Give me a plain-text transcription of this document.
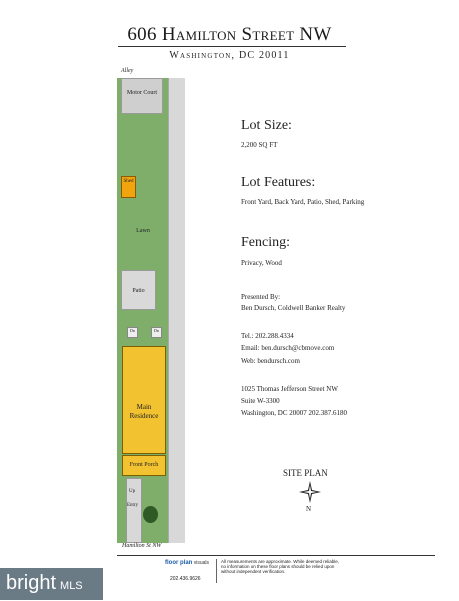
606 Hamilton Street NW
Washington, DC 20011
Alley
Motor Court
Shed
Lawn
Patio
Dn	Dn
Main Residence
Front Porch
Up
Entry
Hamilton St NW
Lot Size:
2,200 SQ FT
Lot Features:
Front Yard, Back Yard, Patio, Shed, Parking
Fencing:
Privacy, Wood
Presented By:
Ben Dursch, Coldwell Banker Realty
Tel.: 202.288.4334
Email: ben.dursch@cbmove.com
Web: bendursch.com
1025 Thomas Jefferson Street NW
Suite W-3300
Washington, DC 20007 202.387.6180
SITE PLAN
N
floor plan visuals
202.436.9626
All measurements are approximate. While deemed reliable, no information on these floor plans should be relied upon without independent verification.
bright MLS
